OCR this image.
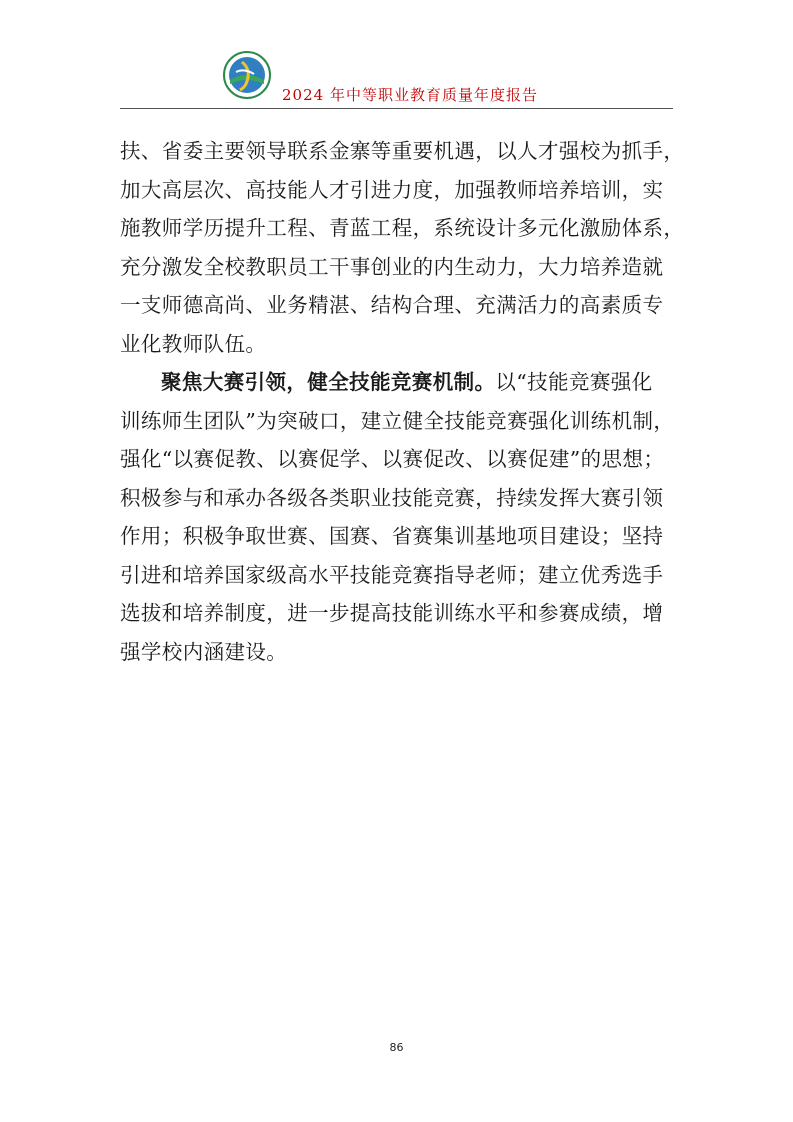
2024 年中等职业教育质量年度报告

扶、省委主要领导联系金寨等重要机遇，以人才强校为抓手，

加大高层次、高技能人才引进力度，加强教师培养培训，实

施教师学历提升工程、青蓝工程，系统设计多元化激励体系，

充分激发全校教职员工干事创业的内生动力，大力培养造就

一支师德高尚、业务精湛、结构合理、充满活力的高素质专

业化教师队伍。

聚焦大赛引领，健全技能竞赛机制。以“技能竞赛强化

训练师生团队”为突破口，建立健全技能竞赛强化训练机制，

强化“以赛促教、以赛促学、以赛促改、以赛促建”的思想；

积极参与和承办各级各类职业技能竞赛，持续发挥大赛引领

作用；积极争取世赛、国赛、省赛集训基地项目建设；坚持

引进和培养国家级高水平技能竞赛指导老师；建立优秀选手

选拔和培养制度，进一步提高技能训练水平和参赛成绩，增

强学校内涵建设。

86
